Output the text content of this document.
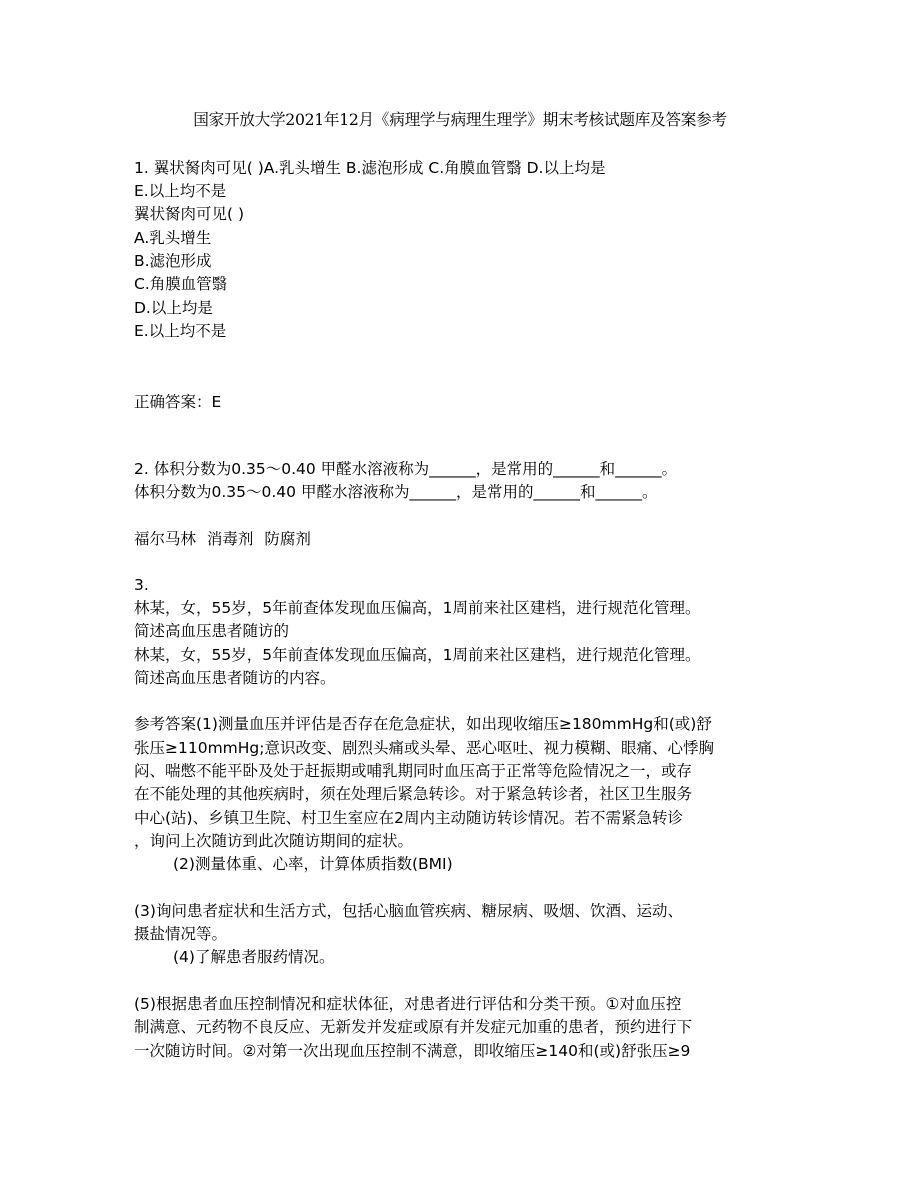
国家开放大学2021年12月《病理学与病理生理学》期末考核试题库及答案参考
1. 翼状胬肉可见( )A.乳头增生 B.滤泡形成 C.角膜血管翳 D.以上均是
E.以上均不是
翼状胬肉可见( )
A.乳头增生
B.滤泡形成
C.角膜血管翳
D.以上均是
E.以上均不是
正确答案：E
2. 体积分数为0.35～0.40 甲醛水溶液称为______，是常用的______和______。
体积分数为0.35～0.40 甲醛水溶液称为______，是常用的______和______。
福尔马林 消毒剂 防腐剂
3.
林某，女，55岁，5年前查体发现血压偏高，1周前来社区建档，进行规范化管理。
简述高血压患者随访的
林某，女，55岁，5年前查体发现血压偏高，1周前来社区建档，进行规范化管理。
简述高血压患者随访的内容。
参考答案(1)测量血压并评估是否存在危急症状，如出现收缩压≥180mmHg和(或)舒
张压≥110mmHg;意识改变、剧烈头痛或头晕、恶心呕吐、视力模糊、眼痛、心悸胸
闷、喘憋不能平卧及处于赶振期或哺乳期同时血压高于正常等危险情况之一，或存
在不能处理的其他疾病时，须在处理后紧急转诊。对于紧急转诊者，社区卫生服务
中心(站)、乡镇卫生院、村卫生室应在2周内主动随访转诊情况。若不需紧急转诊
，询问上次随访到此次随访期间的症状。
(2)测量体重、心率，计算体质指数(BMI)
(3)询问患者症状和生活方式，包括心脑血管疾病、糖尿病、吸烟、饮酒、运动、
摄盐情况等。
(4)了解患者服药情况。
(5)根据患者血压控制情况和症状体征，对患者进行评估和分类干预。①对血压控
制满意、元药物不良反应、无新发并发症或原有并发症元加重的患者，预约进行下
一次随访时间。②对第一次出现血压控制不满意，即收缩压≥140和(或)舒张压≥9
